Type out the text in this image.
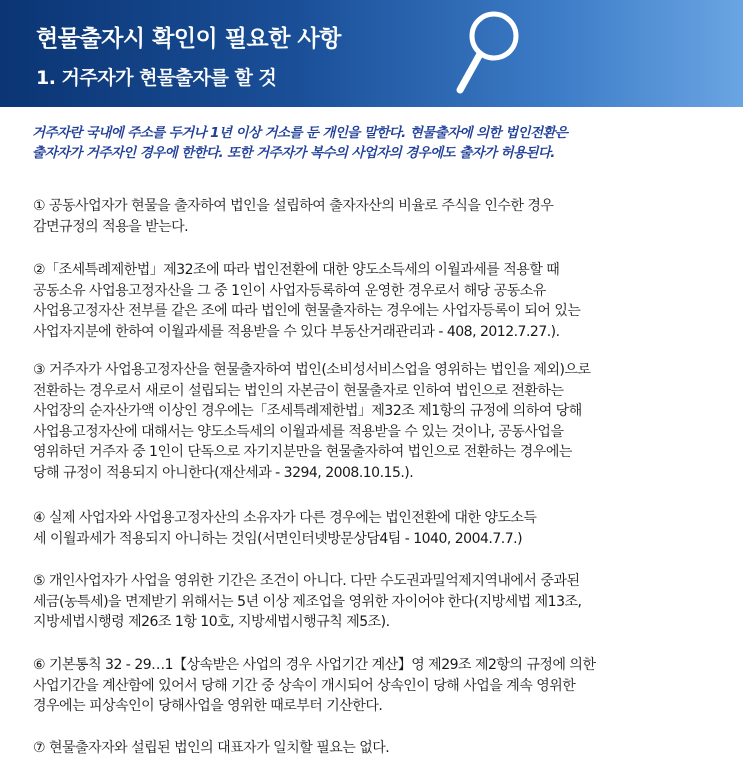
현물출자시 확인이 필요한 사항
1. 거주자가 현물출자를 할 것
거주자란 국내에 주소를 두거나 1년 이상 거소를 둔 개인을 말한다. 현물출자에 의한 법인전환은
출자자가 거주자인 경우에 한한다. 또한 거주자가 복수의 사업자의 경우에도 출자가 허용된다.
① 공동사업자가 현물을 출자하여 법인을 설립하여 출자자산의 비율로 주식을 인수한 경우
감면규정의 적용을 받는다.
②「조세특례제한법」제32조에 따라 법인전환에 대한 양도소득세의 이월과세를 적용할 때
공동소유 사업용고정자산을 그 중 1인이 사업자등록하여 운영한 경우로서 해당 공동소유
사업용고정자산 전부를 같은 조에 따라 법인에 현물출자하는 경우에는 사업자등록이 되어 있는
사업자지분에 한하여 이월과세를 적용받을 수 있다 부동산거래관리과 - 408, 2012.7.27.).
③ 거주자가 사업용고정자산을 현물출자하여 법인(소비성서비스업을 영위하는 법인을 제외)으로
전환하는 경우로서 새로이 설립되는 법인의 자본금이 현물출자로 인하여 법인으로 전환하는
사업장의 순자산가액 이상인 경우에는「조세특례제한법」제32조 제1항의 규정에 의하여 당해
사업용고정자산에 대해서는 양도소득세의 이월과세를 적용받을 수 있는 것이나, 공동사업을
영위하던 거주자 중 1인이 단독으로 자기지분만을 현물출자하여 법인으로 전환하는 경우에는
당해 규정이 적용되지 아니한다(재산세과 - 3294, 2008.10.15.).
④ 실제 사업자와 사업용고정자산의 소유자가 다른 경우에는 법인전환에 대한 양도소득
세 이월과세가 적용되지 아니하는 것임(서면인터넷방문상담4팀 - 1040, 2004.7.7.)
⑤ 개인사업자가 사업을 영위한 기간은 조건이 아니다. 다만 수도권과밀억제지역내에서 중과된
세금(농특세)을 면제받기 위해서는 5년 이상 제조업을 영위한 자이어야 한다(지방세법 제13조,
지방세법시행령 제26조 1항 10호, 지방세법시행규칙 제5조).
⑥ 기본통칙 32 - 29…1【상속받은 사업의 경우 사업기간 계산】영 제29조 제2항의 규정에 의한
사업기간을 계산함에 있어서 당해 기간 중 상속이 개시되어 상속인이 당해 사업을 계속 영위한
경우에는 피상속인이 당해사업을 영위한 때로부터 기산한다.
⑦ 현물출자자와 설립된 법인의 대표자가 일치할 필요는 없다.
